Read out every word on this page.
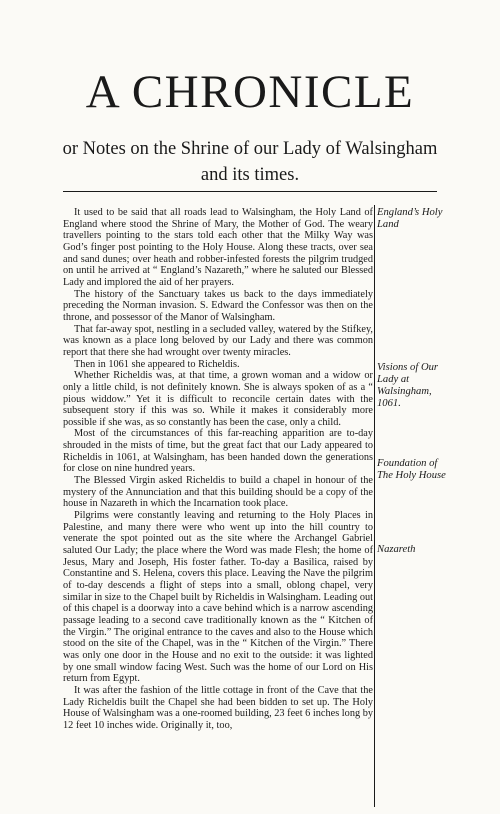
A CHRONICLE
or Notes on the Shrine of our Lady of Walsingham
and its times.

It used to be said that all roads lead to Walsingham, the Holy Land of England where stood the Shrine of Mary, the Mother of God. The weary travellers pointing to the stars told each other that the Milky Way was God’s finger post pointing to the Holy House. Along these tracts, over sea and sand dunes; over heath and robber-infested forests the pilgrim trudged on until he arrived at “ England’s Nazareth,” where he saluted our Blessed Lady and implored the aid of her prayers.

The history of the Sanctuary takes us back to the days immediately preceding the Norman invasion. S. Edward the Confessor was then on the throne, and possessor of the Manor of Walsingham.

That far-away spot, nestling in a secluded valley, watered by the Stifkey, was known as a place long beloved by our Lady and there was common report that there she had wrought over twenty miracles.

Then in 1061 she appeared to Richeldis.

Whether Richeldis was, at that time, a grown woman and a widow or only a little child, is not definitely known. She is always spoken of as a “ pious widdow.” Yet it is difficult to reconcile certain dates with the subsequent story if this was so. While it makes it considerably more possible if she was, as so constantly has been the case, only a child.

Most of the circumstances of this far-reaching apparition are to-day shrouded in the mists of time, but the great fact that our Lady appeared to Richeldis in 1061, at Walsingham, has been handed down the generations for close on nine hundred years.

The Blessed Virgin asked Richeldis to build a chapel in honour of the mystery of the Annunciation and that this building should be a copy of the house in Nazareth in which the Incarnation took place.

Pilgrims were constantly leaving and returning to the Holy Places in Palestine, and many there were who went up into the hill country to venerate the spot pointed out as the site where the Archangel Gabriel saluted Our Lady; the place where the Word was made Flesh; the home of Jesus, Mary and Joseph, His foster father. To-day a Basilica, raised by Constantine and S. Helena, covers this place. Leaving the Nave the pilgrim of to-day descends a flight of steps into a small, oblong chapel, very similar in size to the Chapel built by Richeldis in Walsingham. Leading out of this chapel is a doorway into a cave behind which is a narrow ascending passage leading to a second cave traditionally known as the “ Kitchen of the Virgin.” The original entrance to the caves and also to the House which stood on the site of the Chapel, was in the “ Kitchen of the Virgin.” There was only one door in the House and no exit to the outside: it was lighted by one small window facing West. Such was the home of our Lord on His return from Egypt.

It was after the fashion of the little cottage in front of the Cave that the Lady Richeldis built the Chapel she had been bidden to set up. The Holy House of Walsingham was a one-roomed building, 23 feet 6 inches long by 12 feet 10 inches wide. Originally it, too,

England’s Holy Land
Visions of Our Lady at Walsingham, 1061.
Foundation of The Holy House
Nazareth
